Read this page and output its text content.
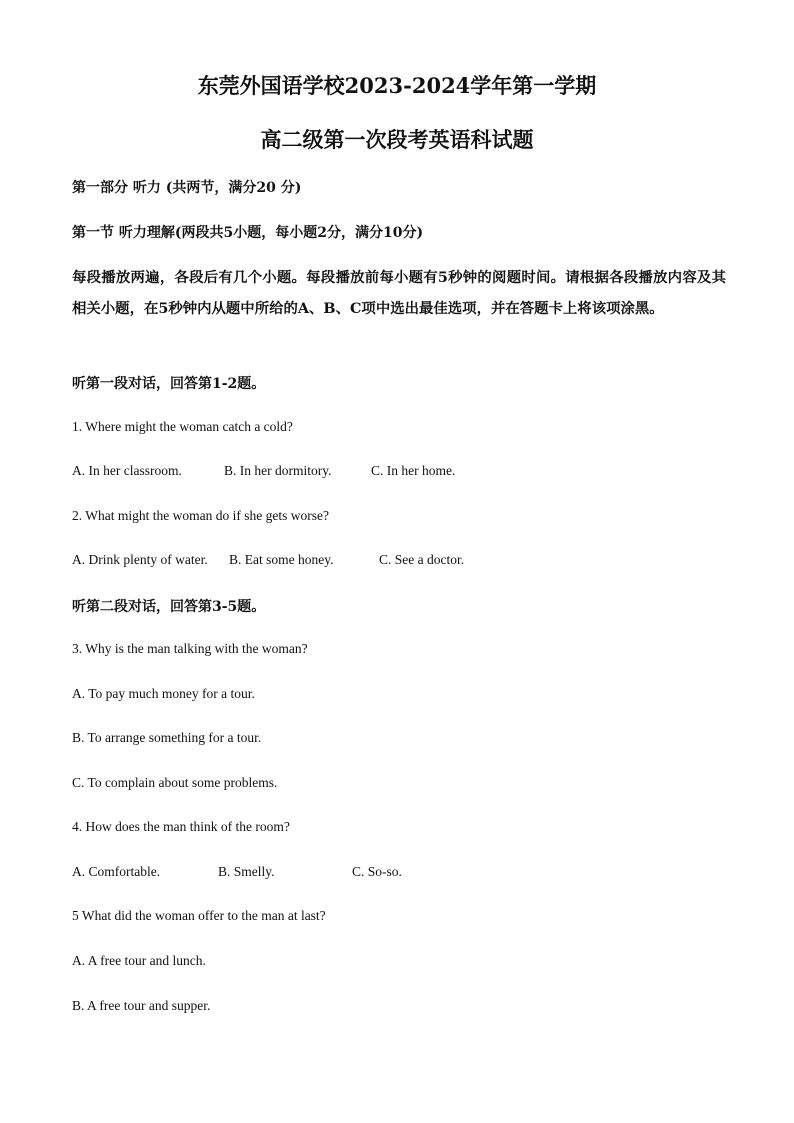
东莞外国语学校2023-2024学年第一学期
高二级第一次段考英语科试题
第一部分 听力 (共两节，满分20 分)
第一节 听力理解(两段共5小题，每小题2分，满分10分)
每段播放两遍，各段后有几个小题。每段播放前每小题有5秒钟的阅题时间。请根据各段播放内容及其相关小题，在5秒钟内从题中所给的A、B、C项中选出最佳选项，并在答题卡上将该项涂黑。
听第一段对话，回答第1-2题。
1. Where might the woman catch a cold?
A. In her classroom.	B. In her dormitory.	C. In her home.
2. What might the woman do if she gets worse?
A. Drink plenty of water. B. Eat some honey.	C. See a doctor.
听第二段对话，回答第3-5题。
3. Why is the man talking with the woman?
A. To pay much money for a tour.
B. To arrange something for a tour.
C. To complain about some problems.
4. How does the man think of the room?
A. Comfortable.	B. Smelly.	C. So-so.
5 What did the woman offer to the man at last?
A. A free tour and lunch.
B. A free tour and supper.
